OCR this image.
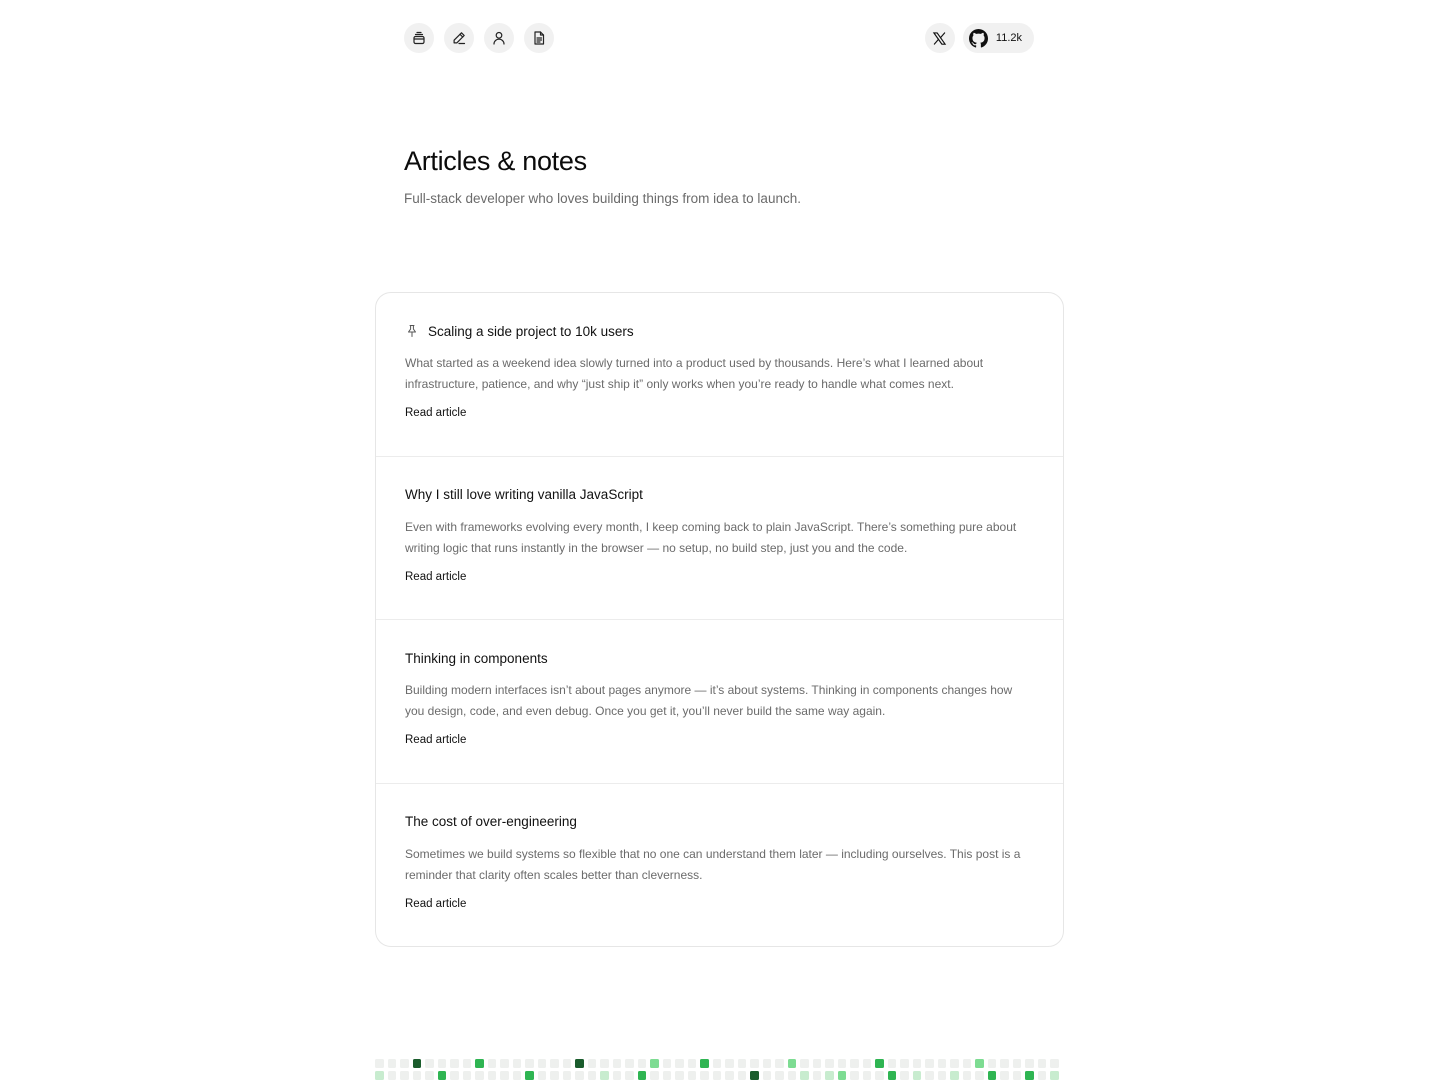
11.2k
Articles & notes

Full-stack developer who loves building things from idea to launch.

Scaling a side project to 10k users

What started as a weekend idea slowly turned into a product used by thousands. Here’s what I learned about infrastructure, patience, and why “just ship it” only works when you’re ready to handle what comes next.

Read article
Why I still love writing vanilla JavaScript

Even with frameworks evolving every month, I keep coming back to plain JavaScript. There’s something pure about writing logic that runs instantly in the browser — no setup, no build step, just you and the code.

Read article
Thinking in components

Building modern interfaces isn’t about pages anymore — it’s about systems. Thinking in components changes how you design, code, and even debug. Once you get it, you’ll never build the same way again.

Read article
The cost of over-engineering

Sometimes we build systems so flexible that no one can understand them later — including ourselves. This post is a reminder that clarity often scales better than cleverness.

Read article
